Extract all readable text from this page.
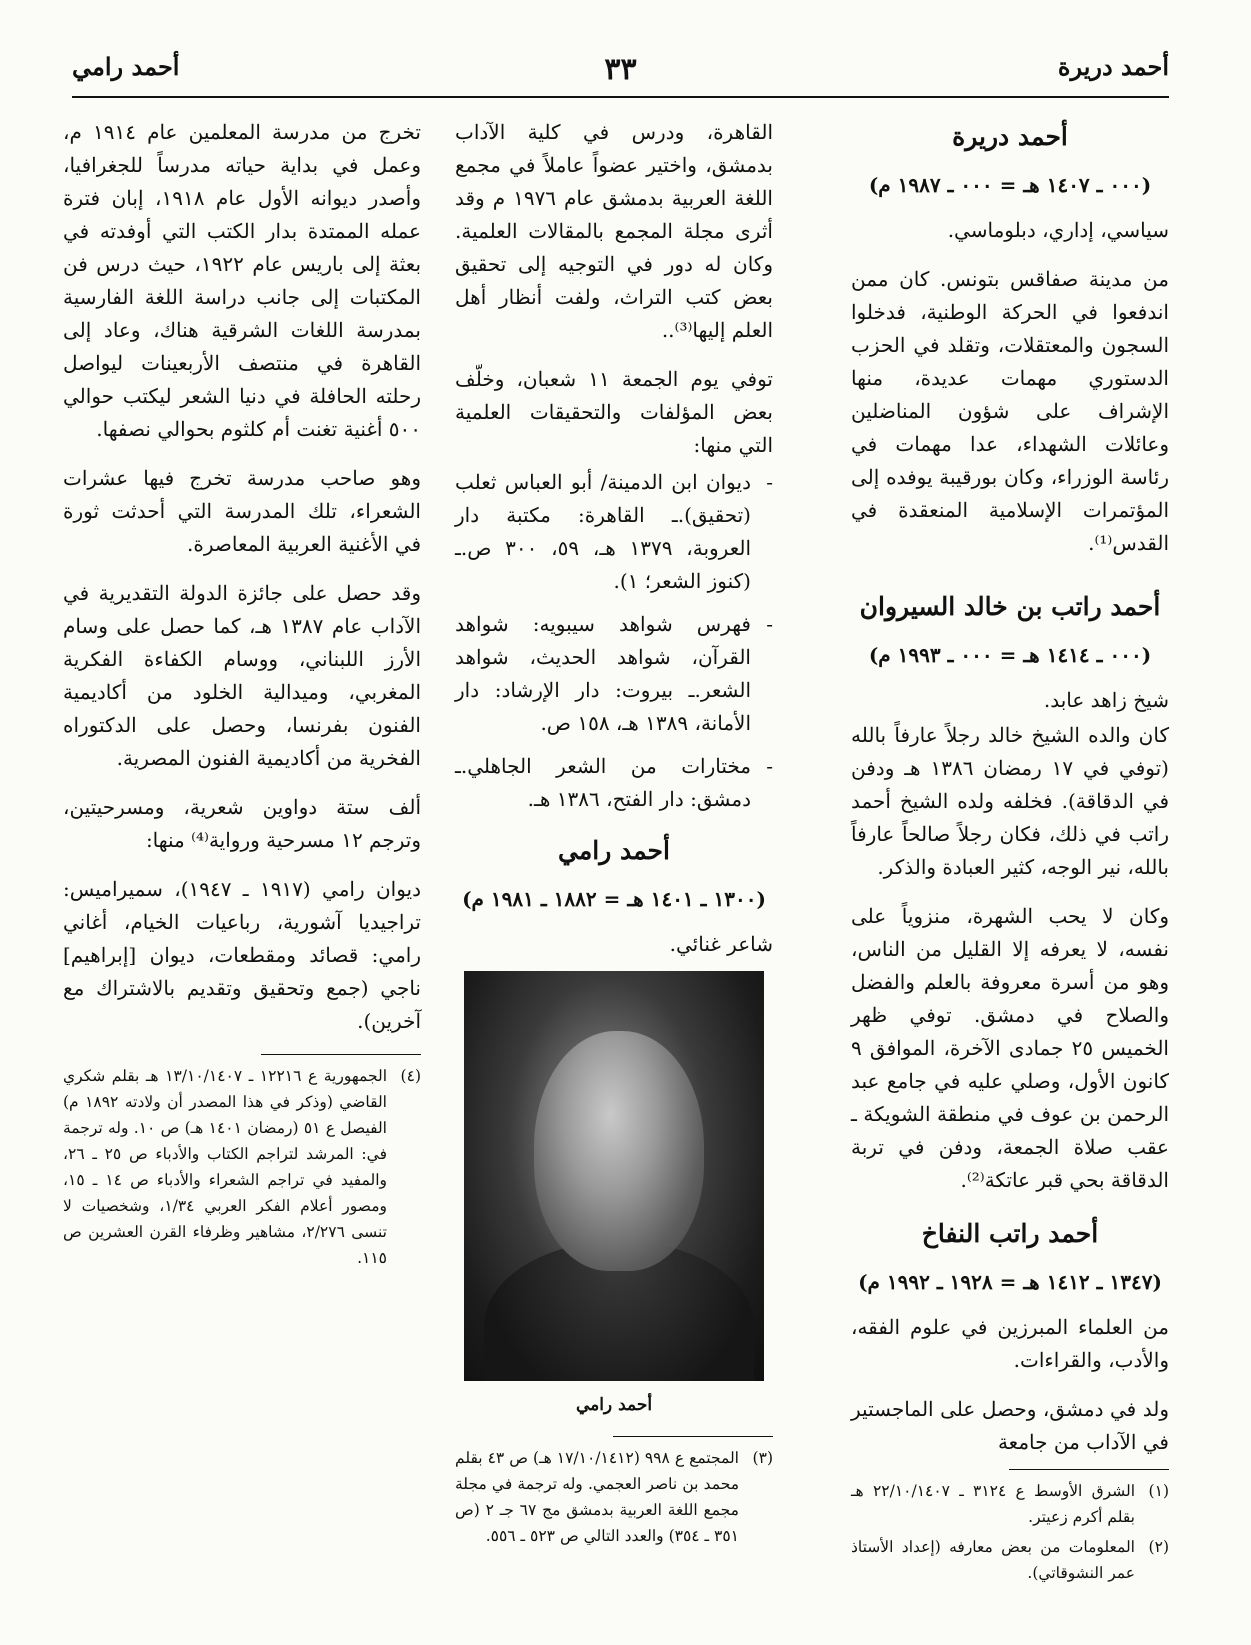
أحمد دريرة
٣٣
أحمد رامي
أحمد دريرة
(٠٠٠ ـ ١٤٠٧ هـ = ٠٠٠ ـ ١٩٨٧ م)

سياسي، إداري، دبلوماسي.

من مدينة صفاقس بتونس. كان ممن اندفعوا في الحركة الوطنية، فدخلوا السجون والمعتقلات، وتقلد في الحزب الدستوري مهمات عديدة، منها الإشراف على شؤون المناضلين وعائلات الشهداء، عدا مهمات في رئاسة الوزراء، وكان بورقيبة يوفده إلى المؤتمرات الإسلامية المنعقدة في القدس⁽¹⁾.

أحمد راتب بن خالد السيروان
(٠٠٠ ـ ١٤١٤ هـ = ٠٠٠ ـ ١٩٩٣ م)

شيخ زاهد عابد.

كان والده الشيخ خالد رجلاً عارفاً بالله (توفي في ١٧ رمضان ١٣٨٦ هـ ودفن في الدقاقة). فخلفه ولده الشيخ أحمد راتب في ذلك، فكان رجلاً صالحاً عارفاً بالله، نير الوجه، كثير العبادة والذكر.

وكان لا يحب الشهرة، منزوياً على نفسه، لا يعرفه إلا القليل من الناس، وهو من أسرة معروفة بالعلم والفضل والصلاح في دمشق. توفي ظهر الخميس ٢٥ جمادى الآخرة، الموافق ٩ كانون الأول، وصلي عليه في جامع عبد الرحمن بن عوف في منطقة الشويكة ـ عقب صلاة الجمعة، ودفن في تربة الدقاقة بحي قبر عاتكة⁽²⁾.

أحمد راتب النفاخ
(١٣٤٧ ـ ١٤١٢ هـ = ١٩٢٨ ـ ١٩٩٢ م)

من العلماء المبرزين في علوم الفقه، والأدب، والقراءات.

ولد في دمشق، وحصل على الماجستير في الآداب من جامعة

(١)
الشرق الأوسط ع ٣١٢٤ ـ ٢٢/١٠/١٤٠٧ هـ بقلم أكرم زعيتر.
(٢)
المعلومات من بعض معارفه (إعداد الأستاذ عمر النشوقاتي).

القاهرة، ودرس في كلية الآداب بدمشق، واختير عضواً عاملاً في مجمع اللغة العربية بدمشق عام ١٩٧٦ م وقد أثرى مجلة المجمع بالمقالات العلمية. وكان له دور في التوجيه إلى تحقيق بعض كتب التراث، ولفت أنظار أهل العلم إليها⁽³⁾..

توفي يوم الجمعة ١١ شعبان، وخلّف بعض المؤلفات والتحقيقات العلمية التي منها:

- ديوان ابن الدمينة/ أبو العباس ثعلب (تحقيق).ـ القاهرة: مكتبة دار العروبة، ١٣٧٩ هـ، ٥٩، ٣٠٠ ص.ـ (كنوز الشعر؛ ١).
- فهرس شواهد سيبويه: شواهد القرآن، شواهد الحديث، شواهد الشعر.ـ بيروت: دار الإرشاد: دار الأمانة، ١٣٨٩ هـ، ١٥٨ ص.
- مختارات من الشعر الجاهلي.ـ دمشق: دار الفتح، ١٣٨٦ هـ.
أحمد رامي
(١٣٠٠ ـ ١٤٠١ هـ = ١٨٨٢ ـ ١٩٨١ م)

شاعر غنائي.

أحمد رامي
(٣)
المجتمع ع ٩٩٨ (١٧/١٠/١٤١٢ هـ) ص ٤٣ بقلم محمد بن ناصر العجمي. وله ترجمة في مجلة مجمع اللغة العربية بدمشق مج ٦٧ جـ ٢ (ص ٣٥١ ـ ٣٥٤) والعدد التالي ص ٥٢٣ ـ ٥٥٦.

تخرج من مدرسة المعلمين عام ١٩١٤ م، وعمل في بداية حياته مدرساً للجغرافيا، وأصدر ديوانه الأول عام ١٩١٨، إبان فترة عمله الممتدة بدار الكتب التي أوفدته في بعثة إلى باريس عام ١٩٢٢، حيث درس فن المكتبات إلى جانب دراسة اللغة الفارسية بمدرسة اللغات الشرقية هناك، وعاد إلى القاهرة في منتصف الأربعينات ليواصل رحلته الحافلة في دنيا الشعر ليكتب حوالي ٥٠٠ أغنية تغنت أم كلثوم بحوالي نصفها.

وهو صاحب مدرسة تخرج فيها عشرات الشعراء، تلك المدرسة التي أحدثت ثورة في الأغنية العربية المعاصرة.

وقد حصل على جائزة الدولة التقديرية في الآداب عام ١٣٨٧ هـ، كما حصل على وسام الأرز اللبناني، ووسام الكفاءة الفكرية المغربي، وميدالية الخلود من أكاديمية الفنون بفرنسا، وحصل على الدكتوراه الفخرية من أكاديمية الفنون المصرية.

ألف ستة دواوين شعرية، ومسرحيتين، وترجم ١٢ مسرحية ورواية⁽⁴⁾ منها:

ديوان رامي (١٩١٧ ـ ١٩٤٧)، سميراميس: تراجيديا آشورية، رباعيات الخيام، أغاني رامي: قصائد ومقطعات، ديوان [إبراهيم] ناجي (جمع وتحقيق وتقديم بالاشتراك مع آخرين).

(٤)
الجمهورية ع ١٢٢١٦ ـ ١٣/١٠/١٤٠٧ هـ بقلم شكري القاضي (وذكر في هذا المصدر أن ولادته ١٨٩٢ م) الفيصل ع ٥١ (رمضان ١٤٠١ هـ) ص ١٠. وله ترجمة في: المرشد لتراجم الكتاب والأدباء ص ٢٥ ـ ٢٦، والمفيد في تراجم الشعراء والأدباء ص ١٤ ـ ١٥، ومصور أعلام الفكر العربي ١/٣٤، وشخصيات لا تنسى ٢/٢٧٦، مشاهير وظرفاء القرن العشرين ص ١١٥.
